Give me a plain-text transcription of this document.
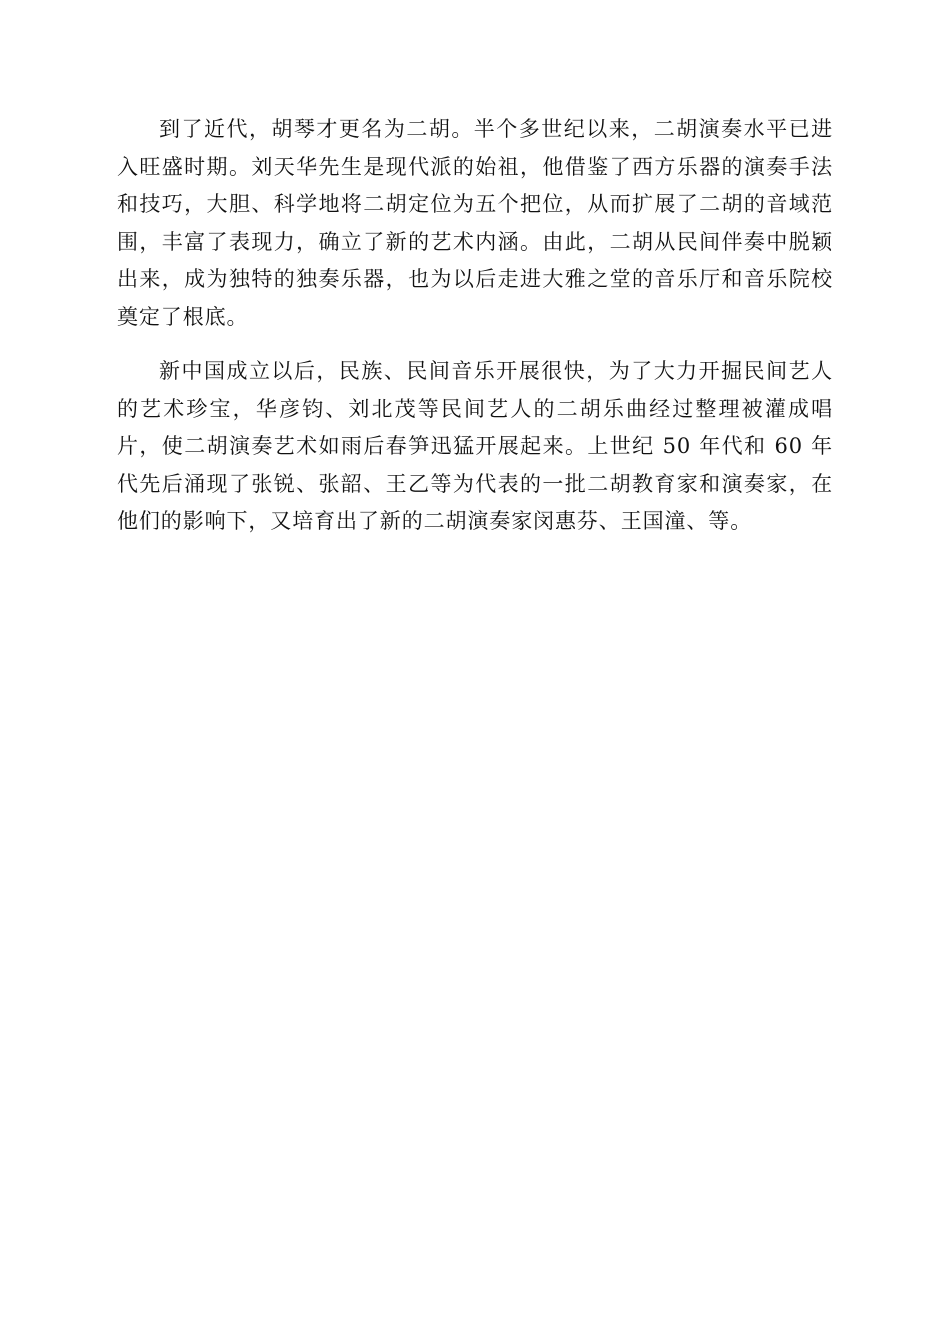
到了近代，胡琴才更名为二胡。半个多世纪以来，二胡演奏水平已进入旺盛时期。刘天华先生是现代派的始祖，他借鉴了西方乐器的演奏手法和技巧，大胆、科学地将二胡定位为五个把位，从而扩展了二胡的音域范围，丰富了表现力，确立了新的艺术内涵。由此，二胡从民间伴奏中脱颖出来，成为独特的独奏乐器，也为以后走进大雅之堂的音乐厅和音乐院校奠定了根底。

新中国成立以后，民族、民间音乐开展很快，为了大力开掘民间艺人的艺术珍宝，华彦钧、刘北茂等民间艺人的二胡乐曲经过整理被灌成唱片，使二胡演奏艺术如雨后春笋迅猛开展起来。上世纪 50 年代和 60 年代先后涌现了张锐、张韶、王乙等为代表的一批二胡教育家和演奏家，在他们的影响下，又培育出了新的二胡演奏家闵惠芬、王国潼、等。
